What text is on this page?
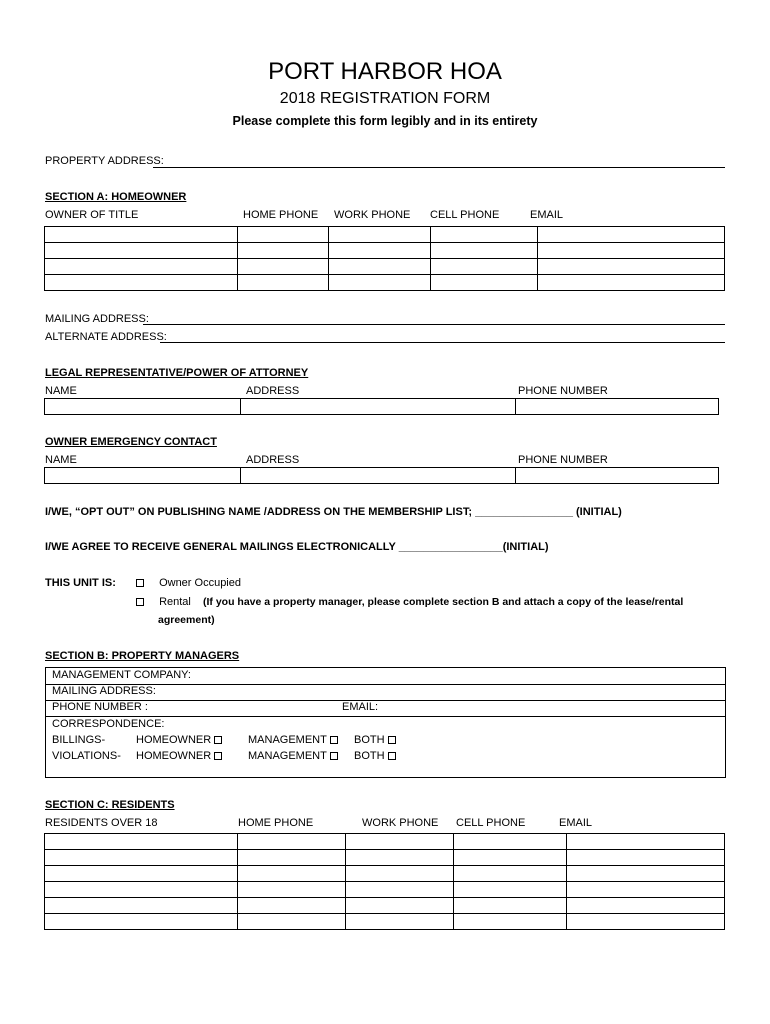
PORT HARBOR HOA
2018 REGISTRATION FORM
Please complete this form legibly and in its entirety
PROPERTY ADDRESS:
SECTION A: HOMEOWNER
OWNER OF TITLE	HOME PHONE WORK PHONE CELL PHONE	EMAIL

MAILING ADDRESS:
ALTERNATE ADDRESS:
LEGAL REPRESENTATIVE/POWER OF ATTORNEY
NAME	ADDRESS	PHONE NUMBER

OWNER EMERGENCY CONTACT
NAME	ADDRESS	PHONE NUMBER

I/WE, “OPT OUT” ON PUBLISHING NAME /ADDRESS ON THE MEMBERSHIP LIST; ________________ (INITIAL)
I/WE AGREE TO RECEIVE GENERAL MAILINGS ELECTRONICALLY _________________(INITIAL)
THIS UNIT IS:	Owner Occupied
Rental (If you have a property manager, please complete section B and attach a copy of the lease/rental
agreement)
SECTION B: PROPERTY MANAGERS
MANAGEMENT COMPANY:
MAILING ADDRESS:
PHONE NUMBER :	EMAIL:
CORRESPONDENCE:
BILLINGS-	HOMEOWNER	MANAGEMENT	BOTH
VIOLATIONS- HOMEOWNER	MANAGEMENT	BOTH
SECTION C: RESIDENTS
RESIDENTS OVER 18	HOME PHONE	WORK PHONE CELL PHONE	EMAIL
